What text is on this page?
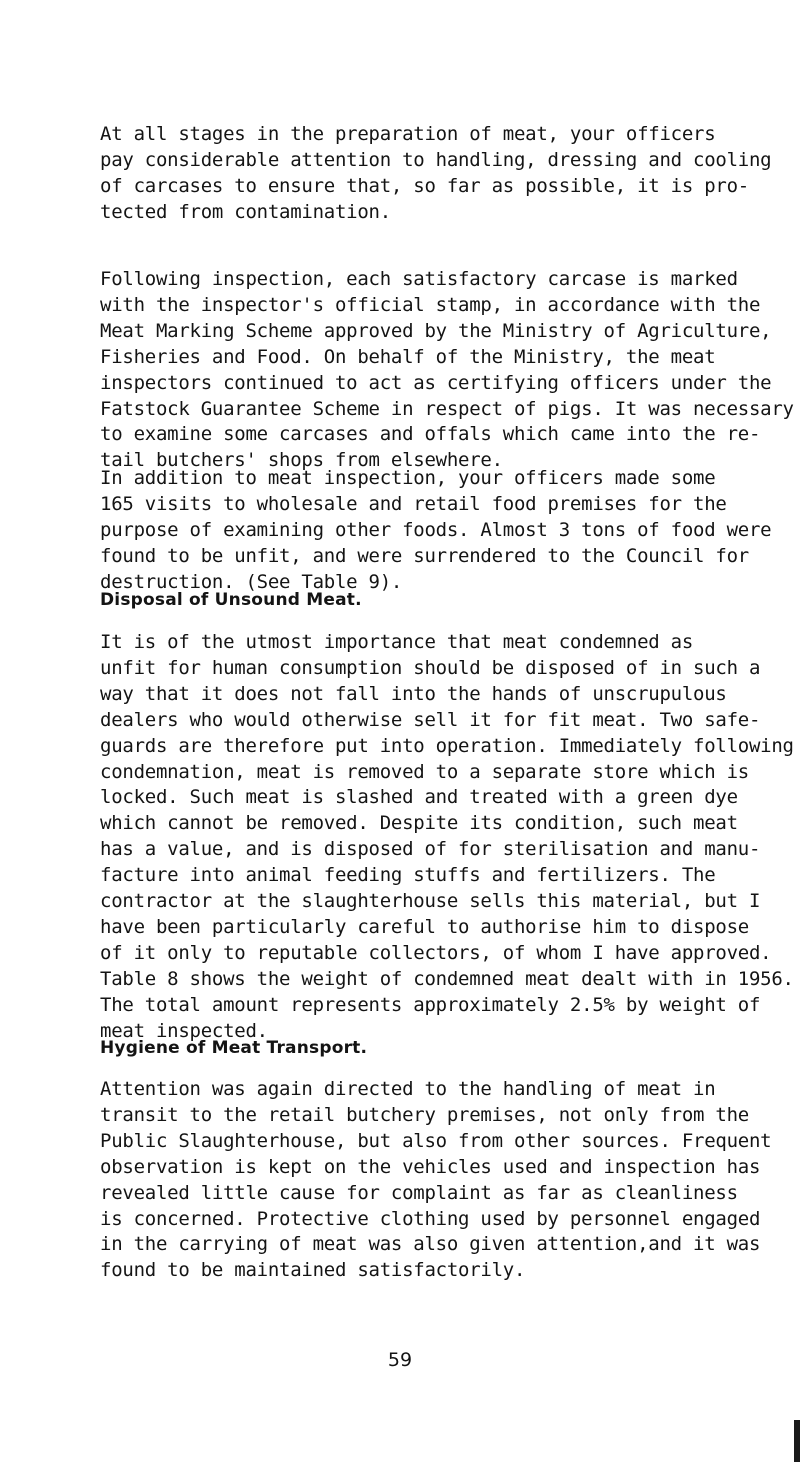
At all stages in the preparation of meat, your officers
pay considerable attention to handling, dressing and cooling
of carcases to ensure that, so far as possible, it is pro-
tected from contamination.

Following inspection, each satisfactory carcase is marked
with the inspector's official stamp, in accordance with the
Meat Marking Scheme approved by the Ministry of Agriculture,
Fisheries and Food. On behalf of the Ministry, the meat
inspectors continued to act as certifying officers under the
Fatstock Guarantee Scheme in respect of pigs. It was necessary
to examine some carcases and offals which came into the re-
tail butchers' shops from elsewhere.

In addition to meat inspection, your officers made some
165 visits to wholesale and retail food premises for the
purpose of examining other foods. Almost 3 tons of food were
found to be unfit, and were surrendered to the Council for
destruction. (See Table 9).

Disposal of Unsound Meat.

It is of the utmost importance that meat condemned as
unfit for human consumption should be disposed of in such a
way that it does not fall into the hands of unscrupulous
dealers who would otherwise sell it for fit meat. Two safe-
guards are therefore put into operation. Immediately following
condemnation, meat is removed to a separate store which is
locked. Such meat is slashed and treated with a green dye
which cannot be removed. Despite its condition, such meat
has a value, and is disposed of for sterilisation and manu-
facture into animal feeding stuffs and fertilizers. The
contractor at the slaughterhouse sells this material, but I
have been particularly careful to authorise him to dispose
of it only to reputable collectors, of whom I have approved.
Table 8 shows the weight of condemned meat dealt with in 1956.
The total amount represents approximately 2.5% by weight of
meat inspected.

Hygiene of Meat Transport.

Attention was again directed to the handling of meat in
transit to the retail butchery premises, not only from the
Public Slaughterhouse, but also from other sources. Frequent
observation is kept on the vehicles used and inspection has
revealed little cause for complaint as far as cleanliness
is concerned. Protective clothing used by personnel engaged
in the carrying of meat was also given attention,and it was
found to be maintained satisfactorily.

59
